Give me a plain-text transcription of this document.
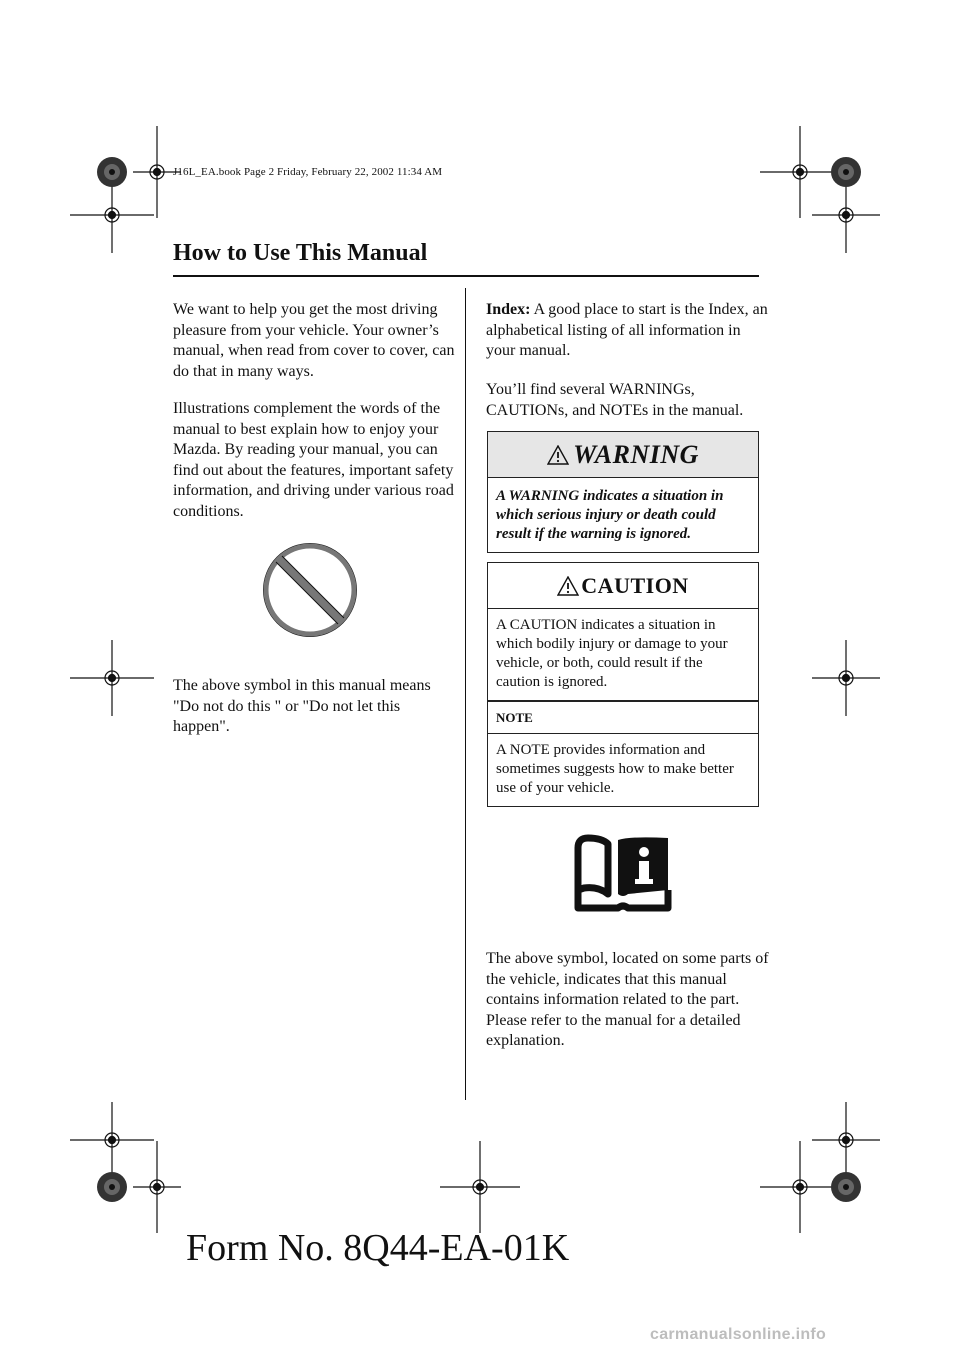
J16L_EA.book Page 2 Friday, February 22, 2002 11:34 AM
How to Use This Manual
We want to help you get the most driving pleasure from your vehicle. Your owner’s manual, when read from cover to cover, can do that in many ways.
Illustrations complement the words of the manual to best explain how to enjoy your Mazda. By reading your manual, you can find out about the features, important safety information, and driving under various road conditions.
The above symbol in this manual means "Do not do this " or "Do not let this happen".
Index: A good place to start is the Index, an alphabetical listing of all information in your manual.
You’ll find several WARNINGs, CAUTIONs, and NOTEs in the manual.
WARNING
A WARNING indicates a situation in which serious injury or death could result if the warning is ignored.
CAUTION
A CAUTION indicates a situation in which bodily injury or damage to your vehicle, or both, could result if the caution is ignored.
NOTE
A NOTE provides information and sometimes suggests how to make better use of your vehicle.
The above symbol, located on some parts of the vehicle, indicates that this manual contains information related to the part. Please refer to the manual for a detailed explanation.
Form No. 8Q44-EA-01K
carmanualsonline.info
